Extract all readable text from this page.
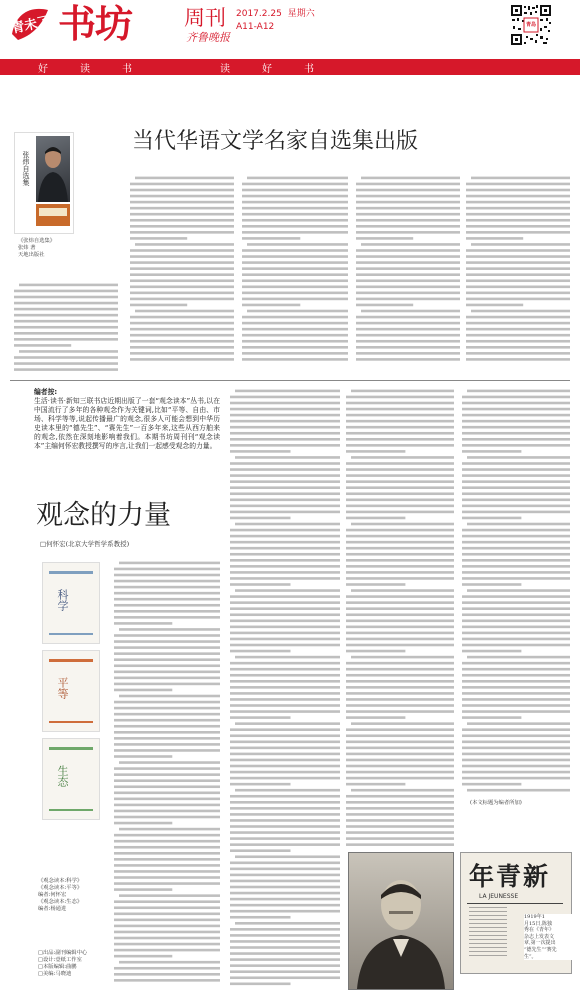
青未了 书坊 周刊
齐鲁晚报
2017.2.25 星期六
A11-A12	青岛
好	读	书	读	好	书
当代华语文学名家自选集出版
张炜自选集
《张炜自选集》
张炜 著
天地出版社
编者按:
生活·读书·新知三联书店近期出版了一套“观念读本”丛书,以在中国流行了多年的各种观念作为关键词,比如“平等、自由、市场、科学等等,说起传播最广的观念,很多人可能会想到中华历史读本里的“德先生”、“赛先生”一百多年来,这些从西方舶来的观念,依然在深刻地影响着我们。本期书坊周刊刊“观念读本”主编何怀宏教授撰写的序言,让我们一起感受观念的力量。
观念的力量
□何怀宏(北京大学哲学系教授)
科学
平等
生态
《观念读本:科学》
《观念读本:平等》
编者:何怀宏
《观念读本:生态》
编者:杨通进
□出品:副刊编辑中心
□设计:壹纸工作室
□本版编辑:曲鹏
□美编:马晓迪
(本文标题为编者所加)
年青新
LA JEUNESSE
1919年1
月15日,陈独
秀在《青年》
杂志上发表文
章,第一次提出
“德先生”“赛先
生”。
